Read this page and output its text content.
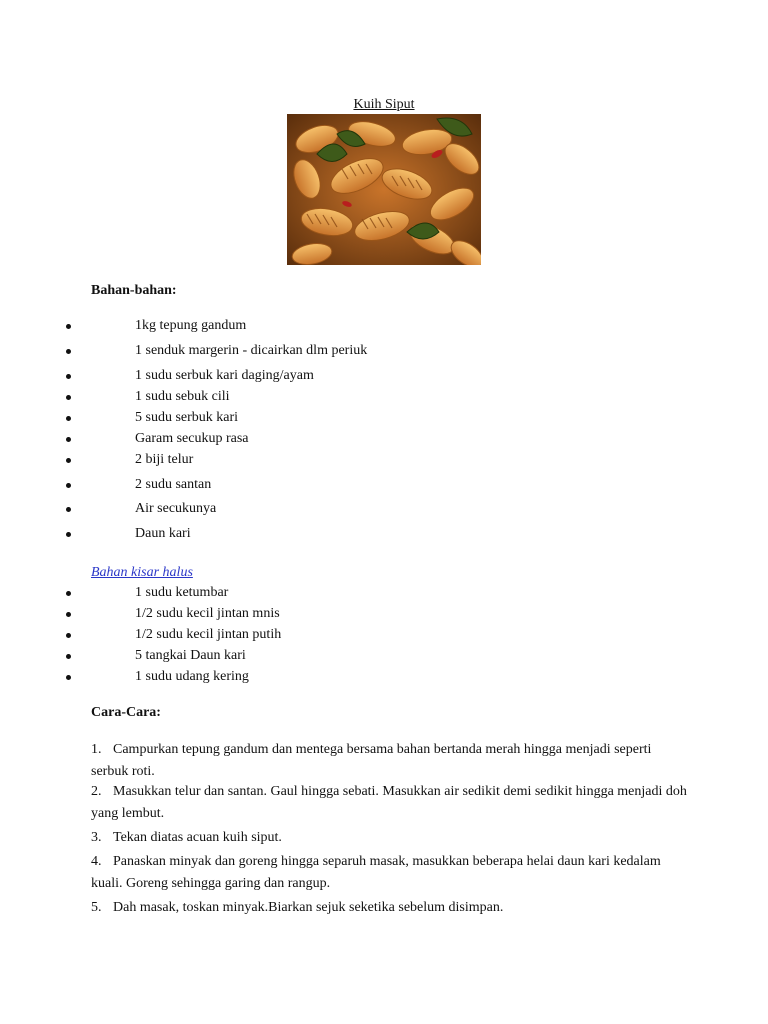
Kuih Siput
Bahan-bahan:
1kg tepung gandum
1 senduk margerin - dicairkan dlm periuk
1 sudu serbuk kari daging/ayam
1 sudu sebuk cili
5 sudu serbuk kari
Garam secukup rasa
2 biji telur
2 sudu santan
Air secukunya
Daun kari
Bahan kisar halus
1 sudu ketumbar
1/2 sudu kecil jintan mnis
1/2 sudu kecil jintan putih
5 tangkai Daun kari
1 sudu udang kering
Cara-Cara:
1. Campurkan tepung gandum dan mentega bersama bahan bertanda merah hingga menjadi seperti serbuk roti.
2. Masukkan telur dan santan. Gaul hingga sebati. Masukkan air sedikit demi sedikit hingga menjadi doh yang lembut.
3. Tekan diatas acuan kuih siput.
4. Panaskan minyak dan goreng hingga separuh masak, masukkan beberapa helai daun kari kedalam kuali. Goreng sehingga garing dan rangup.
5. Dah masak, toskan minyak.Biarkan sejuk seketika sebelum disimpan.
